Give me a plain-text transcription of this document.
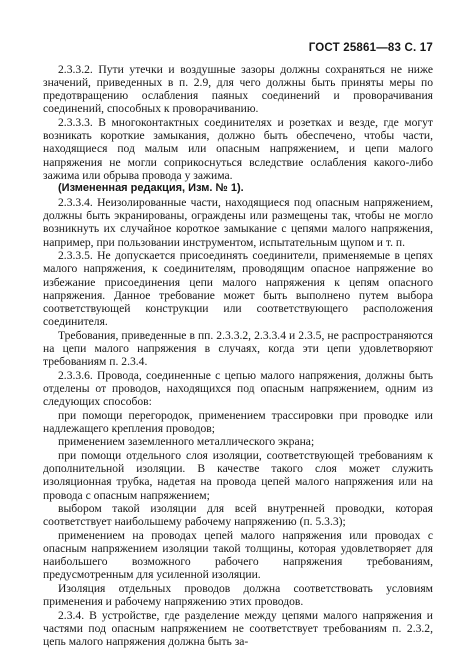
ГОСТ 25861—83 С. 17

2.3.3.2. Пути утечки и воздушные зазоры должны сохраняться не ниже значений, приведенных в п. 2.9, для чего должны быть приняты меры по предотвращению ослабления паяных соединений и проворачивания соединений, способных к проворачиванию.

2.3.3.3. В многоконтактных соединителях и розетках и везде, где могут возникать короткие замыкания, должно быть обеспечено, чтобы части, находящиеся под малым или опасным напряжением, и цепи малого напряжения не могли соприкоснуться вследствие ослабления какого-либо зажима или обрыва провода у зажима.

(Измененная редакция, Изм. № 1).

2.3.3.4. Неизолированные части, находящиеся под опасным напряжением, должны быть экранированы, ограждены или размещены так, чтобы не могло возникнуть их случайное короткое замыкание с цепями малого напряжения, например, при пользовании инструментом, испытательным щупом и т. п.

2.3.3.5. Не допускается присоединять соединители, применяемые в цепях малого напряжения, к соединителям, проводящим опасное напряжение во избежание присоединения цепи малого напряжения к цепям опасного напряжения. Данное требование может быть выполнено путем выбора соответствующей конструкции или соответствующего расположения соединителя.

Требования, приведенные в пп. 2.3.3.2, 2.3.3.4 и 2.3.5, не распространяются на цепи малого напряжения в случаях, когда эти цепи удовлетворяют требованиям п. 2.3.4.

2.3.3.6. Провода, соединенные с цепью малого напряжения, должны быть отделены от проводов, находящихся под опасным напряжением, одним из следующих способов:

при помощи перегородок, применением трассировки при проводке или надлежащего крепления проводов;

применением заземленного металлического экрана;

при помощи отдельного слоя изоляции, соответствующей требованиям к дополнительной изоляции. В качестве такого слоя может служить изоляционная трубка, надетая на провода цепей малого напряжения или на провода с опасным напряжением;

выбором такой изоляции для всей внутренней проводки, которая соответствует наибольшему рабочему напряжению (п. 5.3.3);

применением на проводах цепей малого напряжения или проводах с опасным напряжением изоляции такой толщины, которая удовлетворяет для наибольшего возможного рабочего напряжения требованиям, предусмотренным для усиленной изоляции.

Изоляция отдельных проводов должна соответствовать условиям применения и рабочему напряжению этих проводов.

2.3.4. В устройстве, где разделение между цепями малого напряжения и частями под опасным напряжением не соответствует требованиям п. 2.3.2, цепь малого напряжения должна быть за-
